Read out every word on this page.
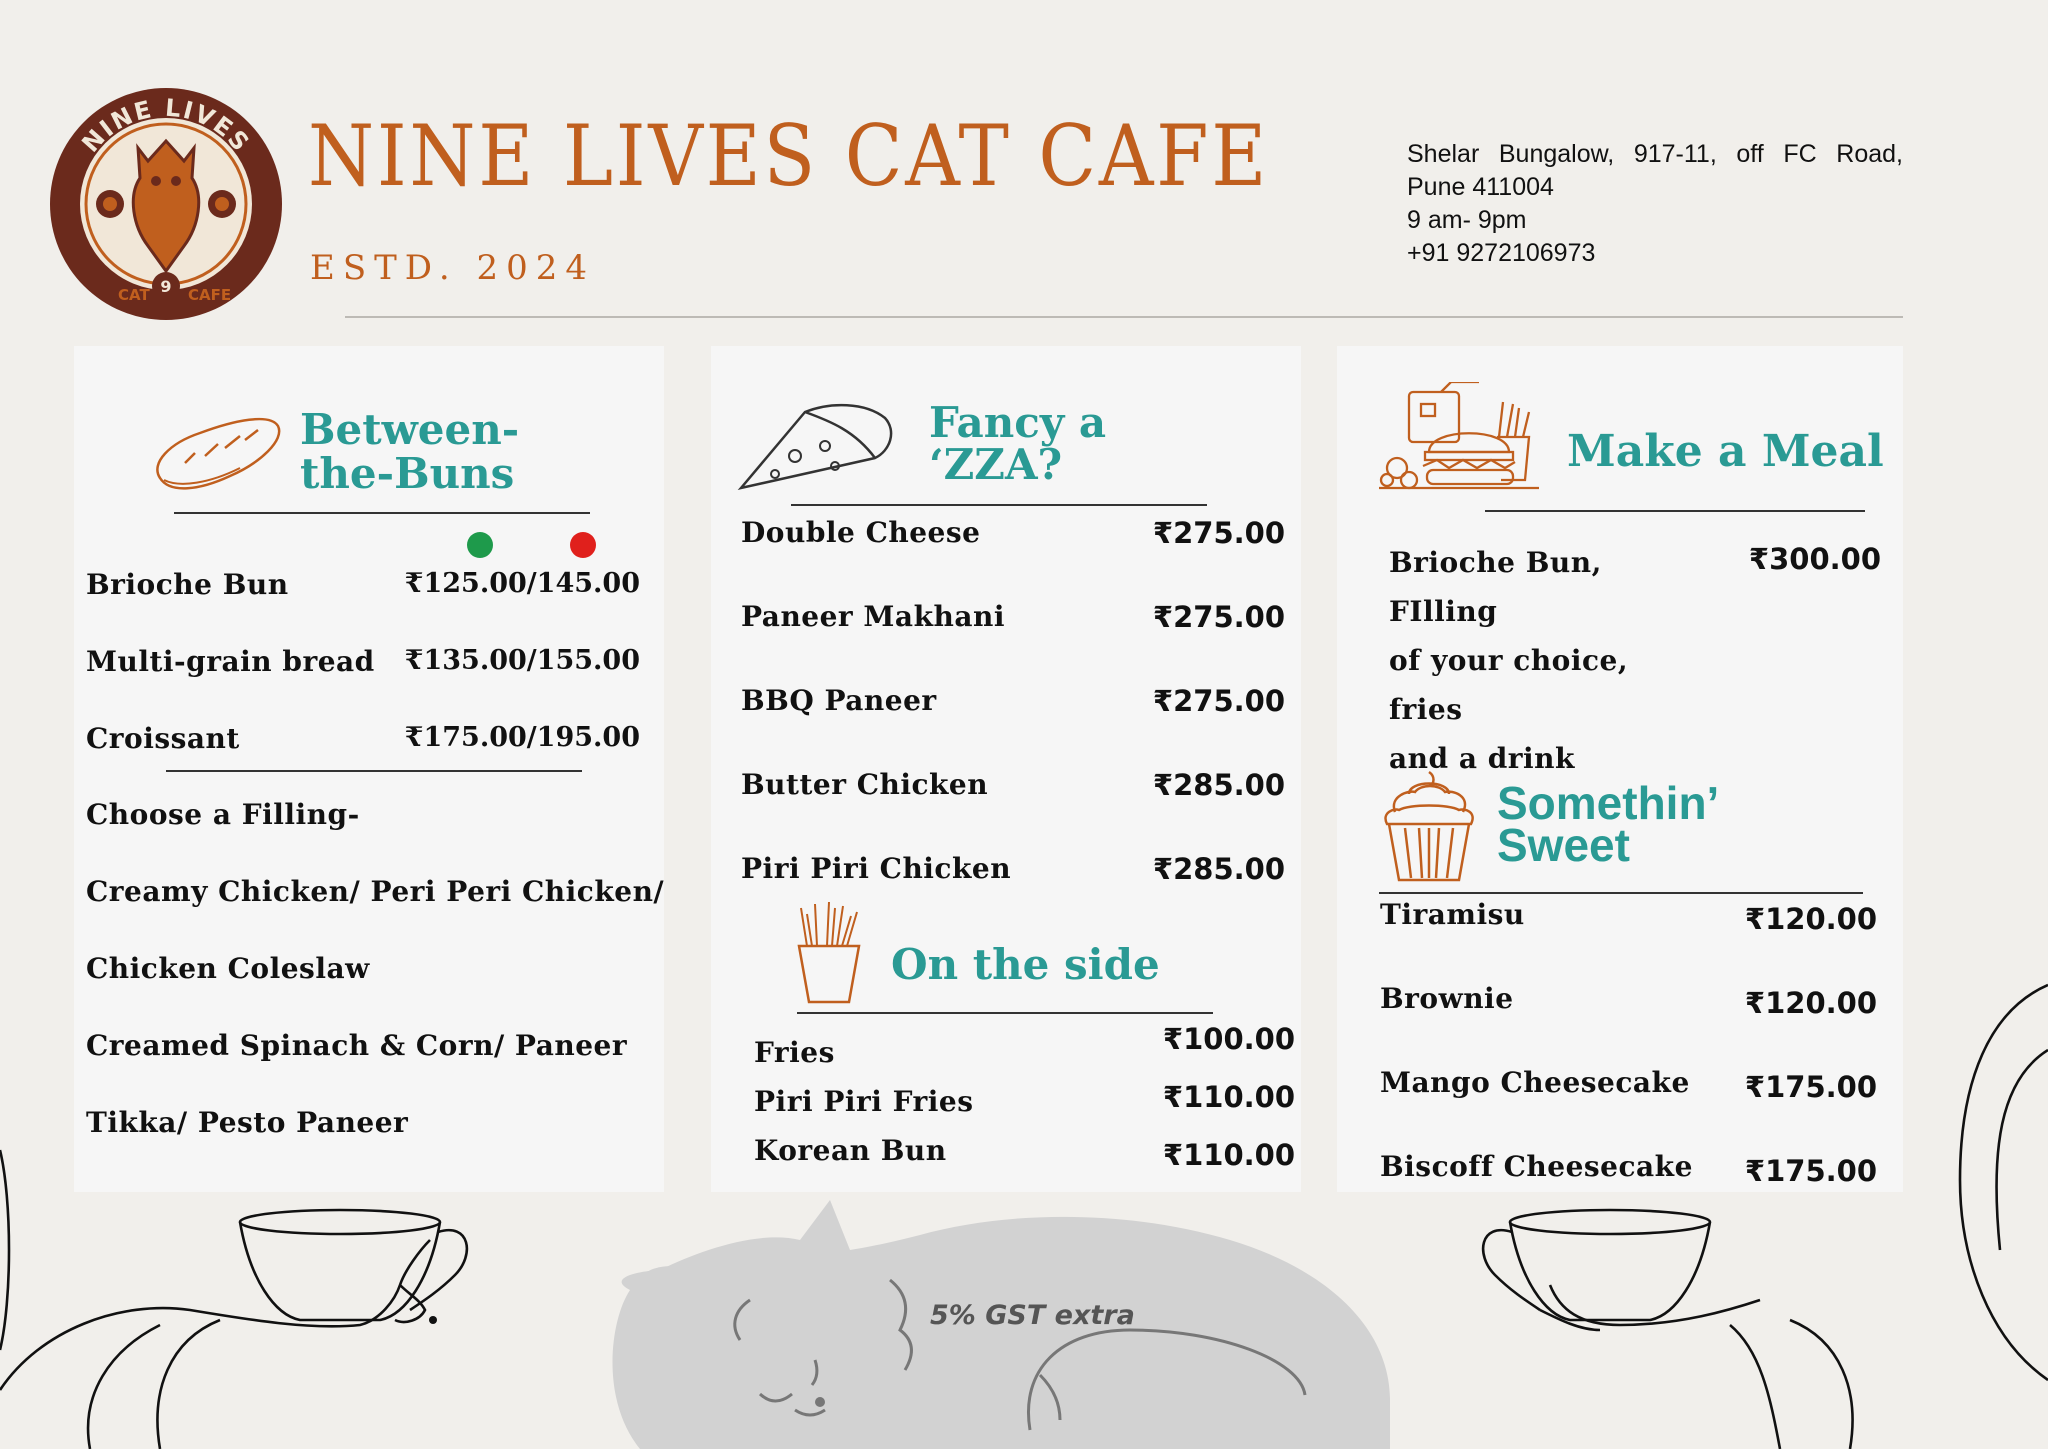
9
NINE LIVES
CAT	CAFE
NINE LIVES CAT CAFE
ESTD. 2024
Shelar Bungalow, 917-11, off FC Road,
Pune 411004
9 am- 9pm
+91 9272106973
Between-
the-Buns
Brioche Bun	₹125.00/145.00
Multi-grain bread ₹135.00/155.00
Croissant	₹175.00/195.00
Choose a Filling-
Creamy Chicken/ Peri Peri Chicken/
Chicken Coleslaw
Creamed Spinach & Corn/ Paneer
Tikka/ Pesto Paneer
Fancy a
‘ZZA?
Double Cheese	₹275.00
Paneer Makhani	₹275.00
BBQ Paneer	₹275.00
Butter Chicken	₹285.00
Piri Piri Chicken	₹285.00
On the side
Fries	₹100.00
Piri Piri Fries	₹110.00
Korean Bun	₹110.00
Make a Meal
Brioche Bun, FIlling
of your choice, fries
and a drink
₹300.00
Somethin’
Sweet
Tiramisu	₹120.00
Brownie	₹120.00
Mango Cheesecake ₹175.00
Biscoff Cheesecake ₹175.00
5% GST extra
